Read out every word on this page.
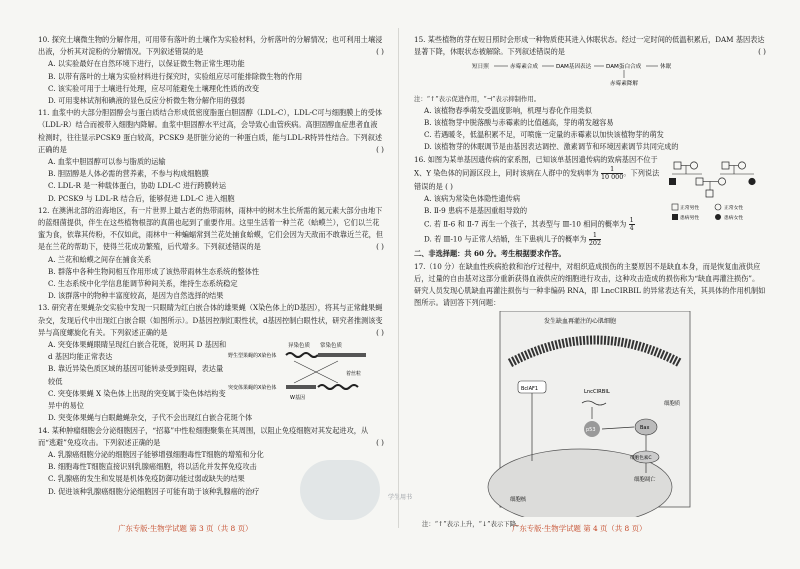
10. 探究土壤微生物的分解作用，可用带有落叶的土壤作为实验材料，分析落叶的分解情况；也可利用土壤浸出液，分析其对淀粉的分解情况。下列叙述错误的是	( )
A. 以实验最好在自然环境下进行，以保证微生物正常生理功能
B. 以带有落叶的土壤为实验材料进行探究时，实验组应尽可能排除微生物的作用
C. 该实验可用于土壤进行处理，应尽可能避免土壤理化性质的改变
D. 可用斐林试剂和碘液的显色反应分析微生物分解作用的强弱
11. 血浆中的大部分胆固醇会与蛋白质结合形成低密度脂蛋白胆固醇（LDL-C），LDL-C可与细胞膜上的受体（LDL-R）结合而被带入细胞内降解。血浆中胆固醇水平过高，会导致心血管疾病。高胆固醇血症患者血液检测时，往往显示PCSK9 蛋白较高，PCSK9 是肝脏分泌的一种蛋白质，能与LDL-R特异性结合。下列叙述正确的是	( )
A. 血浆中胆固醇可以参与脂质的运输
B. 胆固醇是人体必需的营养素，不参与构成细胞膜
C. LDL-R 是一种载体蛋白，协助 LDL-C 进行跨膜转运
D. PCSK9 与 LDL-R 结合后，能够促进 LDL-C 进入细胞
12. 在澳洲北部的沿海地区，有一片世界上最古老的热带雨林，雨林中的树木生长所需的氮元素大部分由地下的蓝细菌提供，伴生在这些植物根部的真菌也起到了重要作用。这里生活着一种兰花（蛤蟆兰），它们以兰花蜜为食，依靠其传粉，不仅如此，雨林中一种蝙蝠常到兰花处捕食蛤蟆，它们会因为天敌而不敢靠近兰花，但是在兰花的帮助下，使得兰花成功繁殖，后代增多。下列叙述错误的是	( )
A. 兰花和蛤蟆之间存在捕食关系
B. 群落中各种生物间相互作用形成了该热带雨林生态系统的整体性
C. 生态系统中化学信息能调节种间关系，维持生态系统稳定
D. 该群落中的物种丰富度较高，是因为自然选择的结果
13. 研究者在果蝇杂交实验中发现一只眼睛为红白嵌合体的雄果蝇（X染色体上的D基因），将其与正常雌果蝇杂交，发现后代中出现红白嵌合眼（如图所示）。D基因控制红眼性状，d基因控制白眼性状，研究者推测该变异与高度螺旋化有关。下列叙述正确的是	( )
A. 突变体果蝇眼睛呈现红白嵌合花斑，说明其 D 基因和 d 基因均能正常表达
B. 靠近异染色质区域的基因可能转录受到阻碍，表达量较低
C. 突变体果蝇 X 染色体上出现的突变属于染色体结构变异中的易位
常染色质
异染色质
野生型果蝇的X染色体
着丝粒
突变体果蝇的X染色体
W基因
D. 突变体果蝇与白眼雌蝇杂交，子代不会出现红白嵌合花斑个体
14. 某种肿瘤细胞会分泌细胞因子，“招募”中性粒细胞聚集在其周围，以阻止免疫细胞对其发起进攻，从而“逃避”免疫攻击。下列叙述正确的是	( )
A. 乳腺癌细胞分泌的细胞因子能够增强细胞毒性T细胞的增殖和分化
B. 细胞毒性T细胞直接识别乳腺癌细胞，将以活化并发挥免疫攻击
C. 乳腺癌的发生和发展是机体免疫防御功能过弱或缺失的结果
D. 促进该种乳腺癌细胞分泌细胞因子可能有助于该种乳腺癌的治疗
15. 某些植物的芽在短日照时会形成一种物质使其进入休眠状态。经过一定时间的低温积累后，DAM 基因表达显著下降，休眠状态被解除。下列叙述错误的是	( )
短日照	赤霉素合成	DAM基因表达	DAM蛋白合成	休眠
赤霉素降解
注：“↑”表示促进作用，“⊣”表示抑制作用。
A. 该植物春季萌发受温度影响，机理与春化作用类似
B. 该植物芽中脱落酸与赤霉素的比值越高，芽的萌发越容易
C. 若遇暖冬，低温积累不足，可喷施一定量的赤霉素以加快该植物芽的萌发
D. 该植物芽的休眠调节是由基因表达调控、激素调节和环境因素调节共同完成的
16. 如图为某单基因遗传病的家系图，已知该单基因遗传病的致病基因不位于 X、Y 染色体的同源区段上，同时该病在人群中的发病率为 $\frac{1}{10 000}$ 。下列说法错误的是 ( )
A. 该病为常染色体隐性遗传病
B. Ⅱ-9 患病不是基因重组导致的
C. 若 Ⅱ-6 和 Ⅱ-7 再生一个孩子，其表型与 Ⅲ-10 相同的概率为 $\frac{1}{4}$
D. 若 Ⅲ-10 与正常人结婚，生下患病儿子的概率为 $\frac{1}{202}$
正常男性	正常女性
患病男性	患病女性
二、非选择题：共 60 分。考生根据要求作答。
17.（10 分）在缺血性疾病抢救和治疗过程中，对组织造成损伤的主要原因不是缺血本身，而是恢复血液供应后，过量的自由基对这部分重新获得血液供应的细胞进行攻击，这种攻击造成的损伤称为“缺血再灌注损伤”。研究人员发现心肌缺血再灌注损伤与一种非编码 RNA，即 LncCIRBIL 的异常表达有关，其具体的作用机制如图所示。请回答下列问题：
发生缺血再灌注的心肌细胞
细胞质
细胞核
BclAF1	LncCIRBIL
p53	Bax
细胞色素C
细胞凋亡
注：“↑”表示上升，“↓”表示下降。
学生用书
广东专版·生物学试题 第 3 页（共 8 页）	广东专版·生物学试题 第 4 页（共 8 页）
